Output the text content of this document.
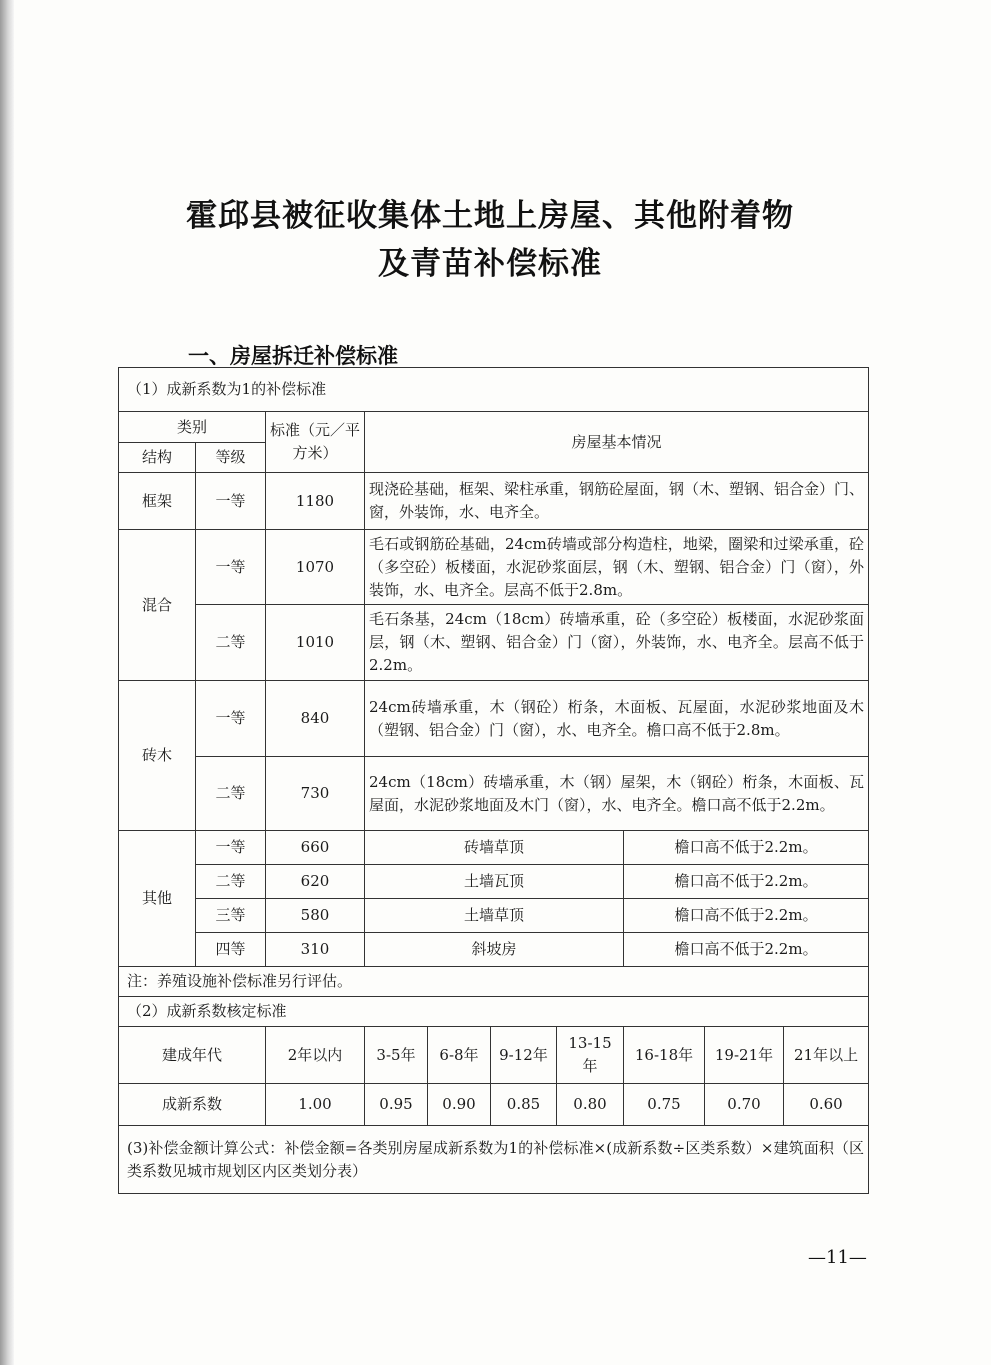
霍邱县被征收集体土地上房屋、其他附着物
及青苗补偿标准
一、房屋拆迁补偿标准
（1）成新系数为1的补偿标准									
类别		标准（元／平方米）	房屋基本情况						
结构	等级								
框架	一等	1180	现浇砼基础，框架、梁柱承重，钢筋砼屋面，钢（木、塑钢、铝合金）门、窗，外装饰，水、电齐全。						
混合	一等	1070	毛石或钢筋砼基础，24cm砖墙或部分构造柱，地梁，圈梁和过梁承重，砼（多空砼）板楼面，水泥砂浆面层，钢（木、塑钢、铝合金）门（窗），外装饰，水、电齐全。层高不低于2.8m。						
	二等	1010	毛石条基，24cm（18cm）砖墙承重，砼（多空砼）板楼面，水泥砂浆面层，钢（木、塑钢、铝合金）门（窗），外装饰，水、电齐全。层高不低于2.2m。						
砖木	一等	840	24cm砖墙承重，木（钢砼）桁条，木面板、瓦屋面，水泥砂浆地面及木（塑钢、铝合金）门（窗），水、电齐全。檐口高不低于2.8m。						
	二等	730	24cm（18cm）砖墙承重，木（钢）屋架，木（钢砼）桁条，木面板、瓦屋面，水泥砂浆地面及木门（窗），水、电齐全。檐口高不低于2.2m。						
其他	一等	660	砖墙草顶				檐口高不低于2.2m。		
	二等	620	土墙瓦顶				檐口高不低于2.2m。		
	三等	580	土墙草顶				檐口高不低于2.2m。		
	四等	310	斜坡房				檐口高不低于2.2m。		
注：养殖设施补偿标准另行评估。									
（2）成新系数核定标准									
建成年代		2年以内	3-5年	6-8年	9-12年	13-15年	16-18年	19-21年	21年以上
成新系数		1.00	0.95	0.90	0.85	0.80	0.75	0.70	0.60
(3)补偿金额计算公式：补偿金额=各类别房屋成新系数为1的补偿标准×(成新系数÷区类系数）×建筑面积（区类系数见城市规划区内区类划分表）									
—11—
